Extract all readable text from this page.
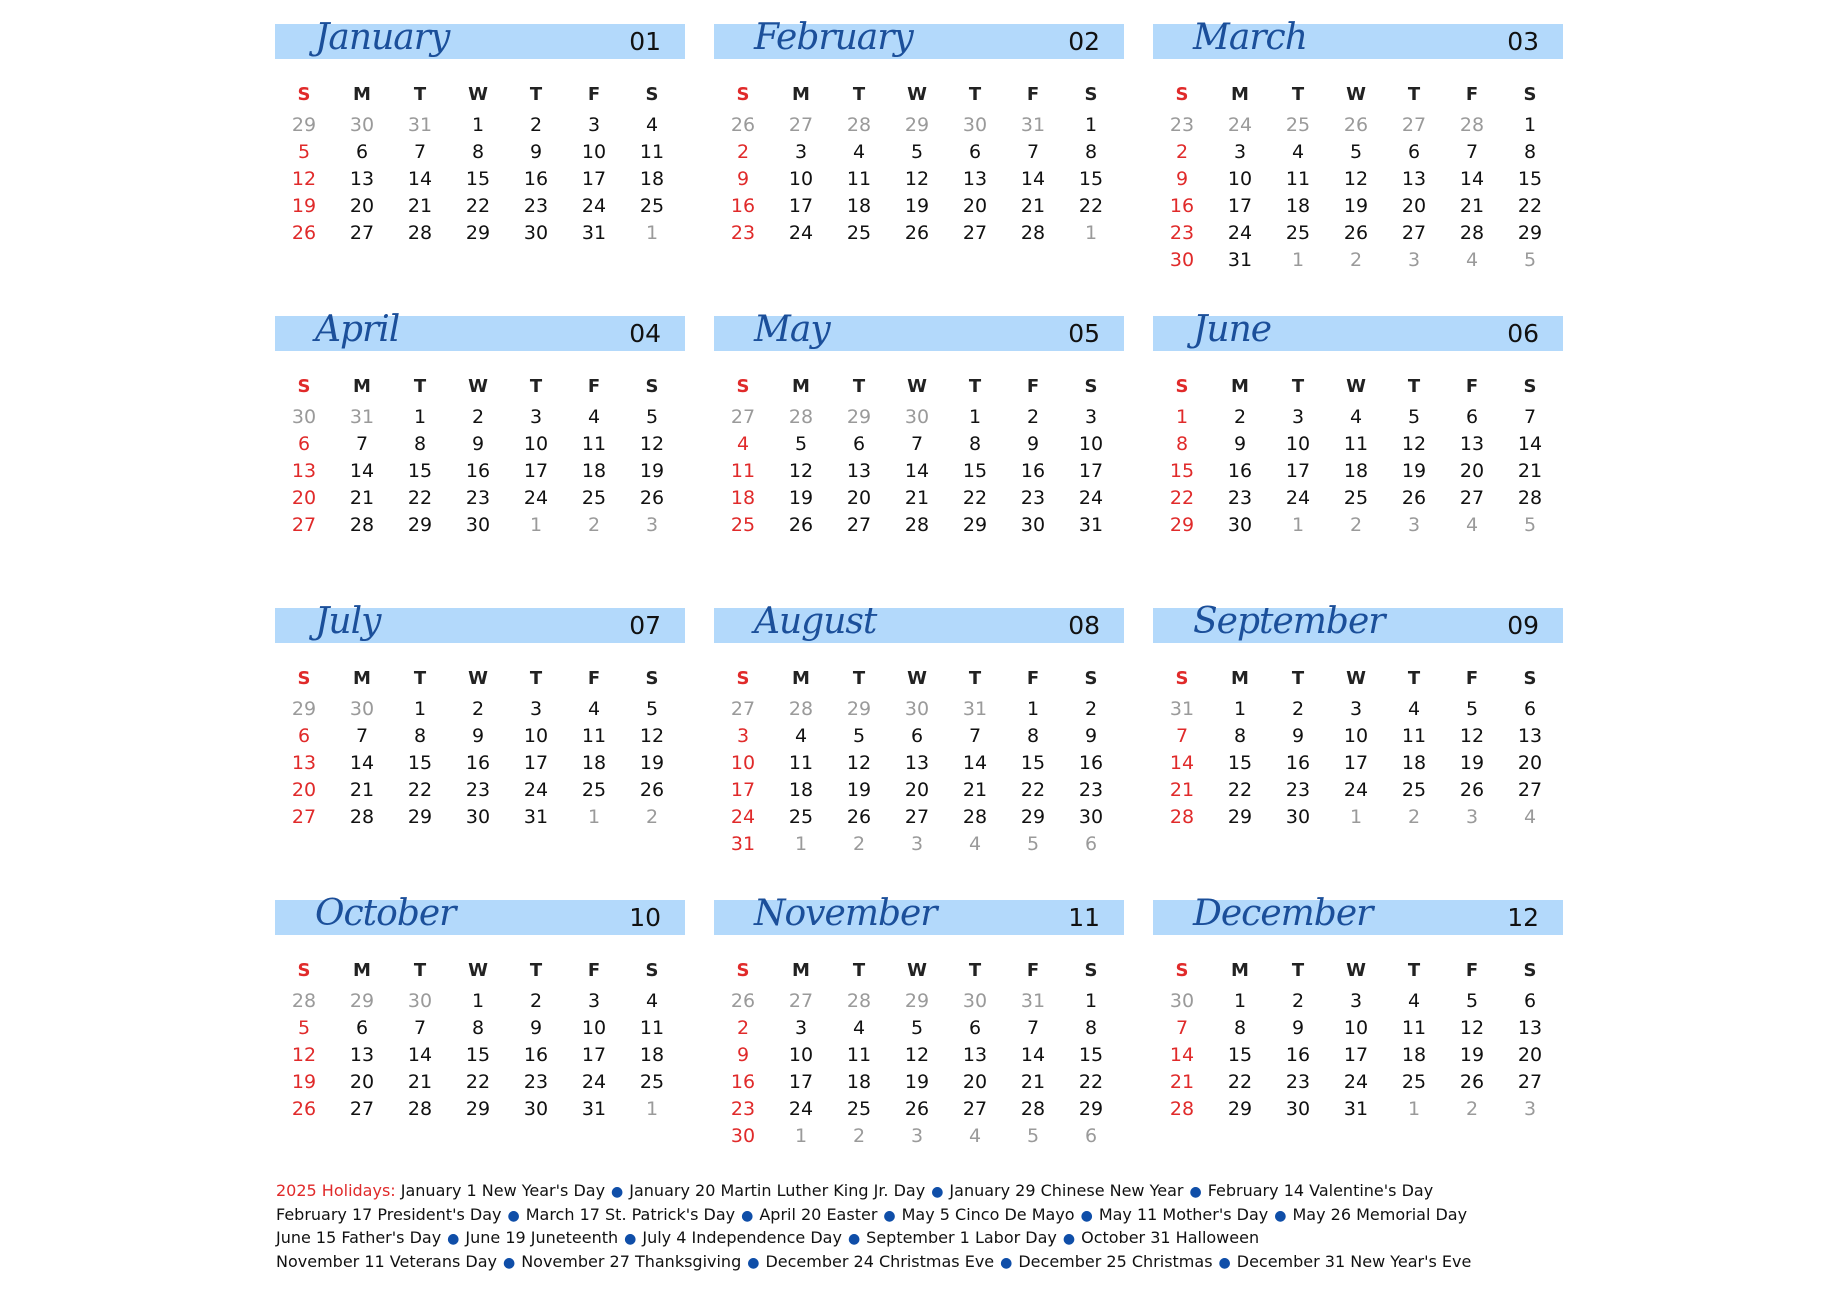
January	01
S	M	T	W	T	F	S
29	30	31	1	2	3	4
5	6	7	8	9	10	11
12	13	14	15	16	17	18
19	20	21	22	23	24	25
26	27	28	29	30	31	1
February	02
S	M	T	W	T	F	S
26	27	28	29	30	31	1
2	3	4	5	6	7	8
9	10	11	12	13	14	15
16	17	18	19	20	21	22
23	24	25	26	27	28	1
March	03
S	M	T	W	T	F	S
23	24	25	26	27	28	1
2	3	4	5	6	7	8
9	10	11	12	13	14	15
16	17	18	19	20	21	22
23	24	25	26	27	28	29
30	31	1	2	3	4	5
April	04
S	M	T	W	T	F	S
30	31	1	2	3	4	5
6	7	8	9	10	11	12
13	14	15	16	17	18	19
20	21	22	23	24	25	26
27	28	29	30	1	2	3
May	05
S	M	T	W	T	F	S
27	28	29	30	1	2	3
4	5	6	7	8	9	10
11	12	13	14	15	16	17
18	19	20	21	22	23	24
25	26	27	28	29	30	31
June	06
S	M	T	W	T	F	S
1	2	3	4	5	6	7
8	9	10	11	12	13	14
15	16	17	18	19	20	21
22	23	24	25	26	27	28
29	30	1	2	3	4	5
July	07
S	M	T	W	T	F	S
29	30	1	2	3	4	5
6	7	8	9	10	11	12
13	14	15	16	17	18	19
20	21	22	23	24	25	26
27	28	29	30	31	1	2
August	08
S	M	T	W	T	F	S
27	28	29	30	31	1	2
3	4	5	6	7	8	9
10	11	12	13	14	15	16
17	18	19	20	21	22	23
24	25	26	27	28	29	30
31	1	2	3	4	5	6
September	09
S	M	T	W	T	F	S
31	1	2	3	4	5	6
7	8	9	10	11	12	13
14	15	16	17	18	19	20
21	22	23	24	25	26	27
28	29	30	1	2	3	4
October	10
S	M	T	W	T	F	S
28	29	30	1	2	3	4
5	6	7	8	9	10	11
12	13	14	15	16	17	18
19	20	21	22	23	24	25
26	27	28	29	30	31	1
November	11
S	M	T	W	T	F	S
26	27	28	29	30	31	1
2	3	4	5	6	7	8
9	10	11	12	13	14	15
16	17	18	19	20	21	22
23	24	25	26	27	28	29
30	1	2	3	4	5	6
December	12
S	M	T	W	T	F	S
30	1	2	3	4	5	6
7	8	9	10	11	12	13
14	15	16	17	18	19	20
21	22	23	24	25	26	27
28	29	30	31	1	2	3
2025 Holidays: January 1 New Year's Day ● January 20 Martin Luther King Jr. Day ● January 29 Chinese New Year ● February 14 Valentine's Day
February 17 President's Day ● March 17 St. Patrick's Day ● April 20 Easter ● May 5 Cinco De Mayo ● May 11 Mother's Day ● May 26 Memorial Day
June 15 Father's Day ● June 19 Juneteenth ● July 4 Independence Day ● September 1 Labor Day ● October 31 Halloween
November 11 Veterans Day ● November 27 Thanksgiving ● December 24 Christmas Eve ● December 25 Christmas ● December 31 New Year's Eve
